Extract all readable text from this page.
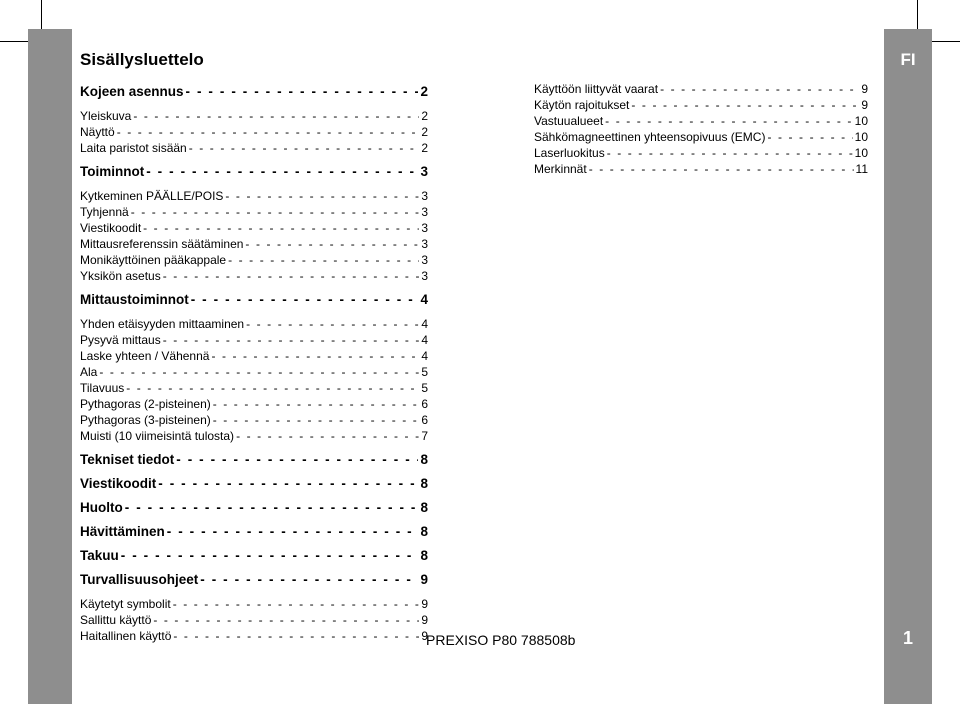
FI
1
Sisällysluettelo
Kojeen asennus - - -	2
Yleiskuva - - -	2
Näyttö - - -	2
Laita paristot sisään - - -	2
Toiminnot - - -	3
Kytkeminen PÄÄLLE/POIS - - -	3
Tyhjennä - - -	3
Viestikoodit - - -	3
Mittausreferenssin säätäminen - - -	3
Monikäyttöinen pääkappale - - -	3
Yksikön asetus - - -	3
Mittaustoiminnot - - -	4
Yhden etäisyyden mittaaminen - - -	4
Pysyvä mittaus - - -	4
Laske yhteen / Vähennä - - -	4
Ala - - -	5
Tilavuus - - -	5
Pythagoras (2-pisteinen) - - -	6
Pythagoras (3-pisteinen) - - -	6
Muisti (10 viimeisintä tulosta) - - -	7
Tekniset tiedot - - -	8
Viestikoodit - - -	8
Huolto - - -	8
Hävittäminen - - -	8
Takuu - - -	8
Turvallisuusohjeet - - -	9
Käytetyt symbolit - - -	9
Sallittu käyttö - - -	9
Haitallinen käyttö - - -	9
Käyttöön liittyvät vaarat - - -	9
Käytön rajoitukset - - -	9
Vastuualueet - - -	10
Sähkömagneettinen yhteensopivuus (EMC) - - -	10
Laserluokitus - - -	10
Merkinnät - - -	11
PREXISO P80 788508b
